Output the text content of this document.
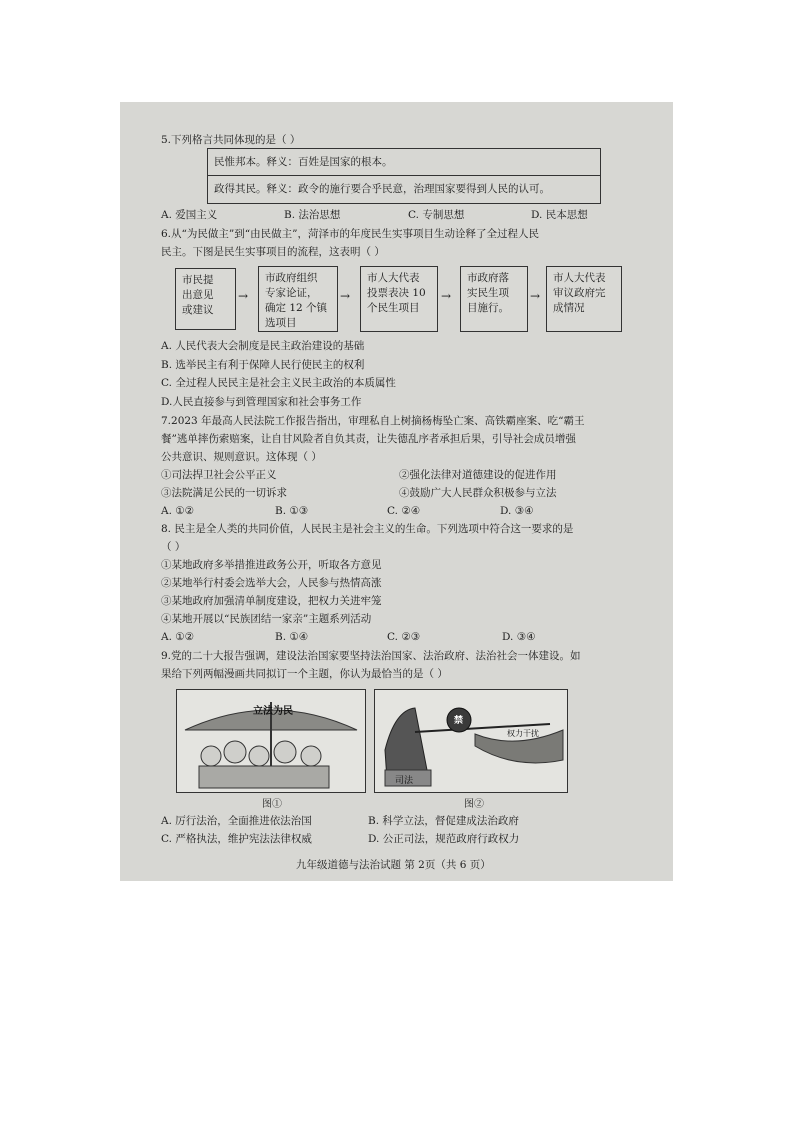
5.下列格言共同体现的是（ ）
民惟邦本。释义：百姓是国家的根本。
政得其民。释义：政令的施行要合乎民意，治理国家要得到人民的认可。
A. 爱国主义	B. 法治思想	C. 专制思想	D. 民本思想
6.从“为民做主”到“由民做主”，菏泽市的年度民生实事项目生动诠释了全过程人民
民主。下图是民生实事项目的流程，这表明（ ）
市民提
出意见
或建议
→
市政府组织
专家论证，
确定 12 个镇
选项目
→
市人大代表
投票表决 10
个民生项目
→
市政府落
实民生项
目施行。
→
市人大代表
审议政府完
成情况
A. 人民代表大会制度是民主政治建设的基础
B. 选举民主有利于保障人民行使民主的权利
C. 全过程人民民主是社会主义民主政治的本质属性
D.人民直接参与到管理国家和社会事务工作
7.2023 年最高人民法院工作报告指出，审理私自上树摘杨梅坠亡案、高铁霸座案、吃“霸王
餐”逃单摔伤索赔案，让自甘风险者自负其责，让失德乱序者承担后果，引导社会成员增强
公共意识、规则意识。这体现（ ）
①司法捍卫社会公平正义	②强化法律对道德建设的促进作用
③法院满足公民的一切诉求	④鼓励广大人民群众积极参与立法
A. ①②	B. ①③	C. ②④	D. ③④
8. 民主是全人类的共同价值，人民民主是社会主义的生命。下列选项中符合这一要求的是
（ ）
①某地政府多举措推进政务公开，听取各方意见
②某地举行村委会选举大会，人民参与热情高涨
③某地政府加强清单制度建设，把权力关进牢笼
④某地开展以“民族团结一家亲”主题系列活动
A. ①②	B. ①④	C. ②③	D. ③④
9.党的二十大报告强调，建设法治国家要坚持法治国家、法治政府、法治社会一体建设。如
果给下列两幅漫画共同拟订一个主题，你认为最恰当的是（ ）
立法为民
禁
司法
权力干扰
图①	图②
A. 厉行法治，全面推进依法治国	B. 科学立法，督促建成法治政府
C. 严格执法，维护宪法法律权威	D. 公正司法，规范政府行政权力
九年级道德与法治试题 第 2页（共 6 页）
